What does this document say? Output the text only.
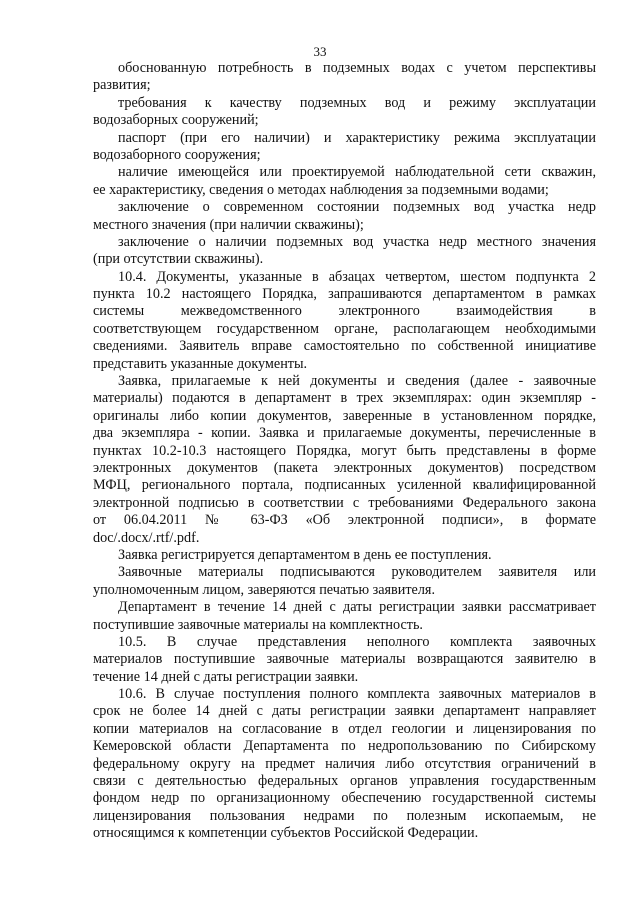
33
обоснованную потребность в подземных водах с учетом перспективы
развития;
требования к качеству подземных вод и режиму эксплуатации
водозаборных сооружений;
паспорт (при его наличии) и характеристику режима эксплуатации
водозаборного сооружения;
наличие имеющейся или проектируемой наблюдательной сети скважин,
ее характеристику, сведения о методах наблюдения за подземными водами;
заключение о современном состоянии подземных вод участка недр
местного значения (при наличии скважины);
заключение о наличии подземных вод участка недр местного значения
(при отсутствии скважины).
10.4. Документы, указанные в абзацах четвертом, шестом подпункта 2
пункта 10.2 настоящего Порядка, запрашиваются департаментом в рамках
системы межведомственного электронного взаимодействия в
соответствующем государственном органе, располагающем необходимыми
сведениями. Заявитель вправе самостоятельно по собственной инициативе
представить указанные документы.
Заявка, прилагаемые к ней документы и сведения (далее - заявочные
материалы) подаются в департамент в трех экземплярах: один экземпляр -
оригиналы либо копии документов, заверенные в установленном порядке,
два экземпляра - копии. Заявка и прилагаемые документы, перечисленные в
пунктах 10.2-10.3 настоящего Порядка, могут быть представлены в форме
электронных документов (пакета электронных документов) посредством
МФЦ, регионального портала, подписанных усиленной квалифицированной
электронной подписью в соответствии с требованиями Федерального закона
от 06.04.2011 № 63-ФЗ «Об электронной подписи», в формате
doc/.docx/.rtf/.pdf.
Заявка регистрируется департаментом в день ее поступления.
Заявочные материалы подписываются руководителем заявителя или
уполномоченным лицом, заверяются печатью заявителя.
Департамент в течение 14 дней с даты регистрации заявки рассматривает
поступившие заявочные материалы на комплектность.
10.5. В случае представления неполного комплекта заявочных
материалов поступившие заявочные материалы возвращаются заявителю в
течение 14 дней с даты регистрации заявки.
10.6. В случае поступления полного комплекта заявочных материалов в
срок не более 14 дней с даты регистрации заявки департамент направляет
копии материалов на согласование в отдел геологии и лицензирования по
Кемеровской области Департамента по недропользованию по Сибирскому
федеральному округу на предмет наличия либо отсутствия ограничений в
связи с деятельностью федеральных органов управления государственным
фондом недр по организационному обеспечению государственной системы
лицензирования пользования недрами по полезным ископаемым, не
относящимся к компетенции субъектов Российской Федерации.
